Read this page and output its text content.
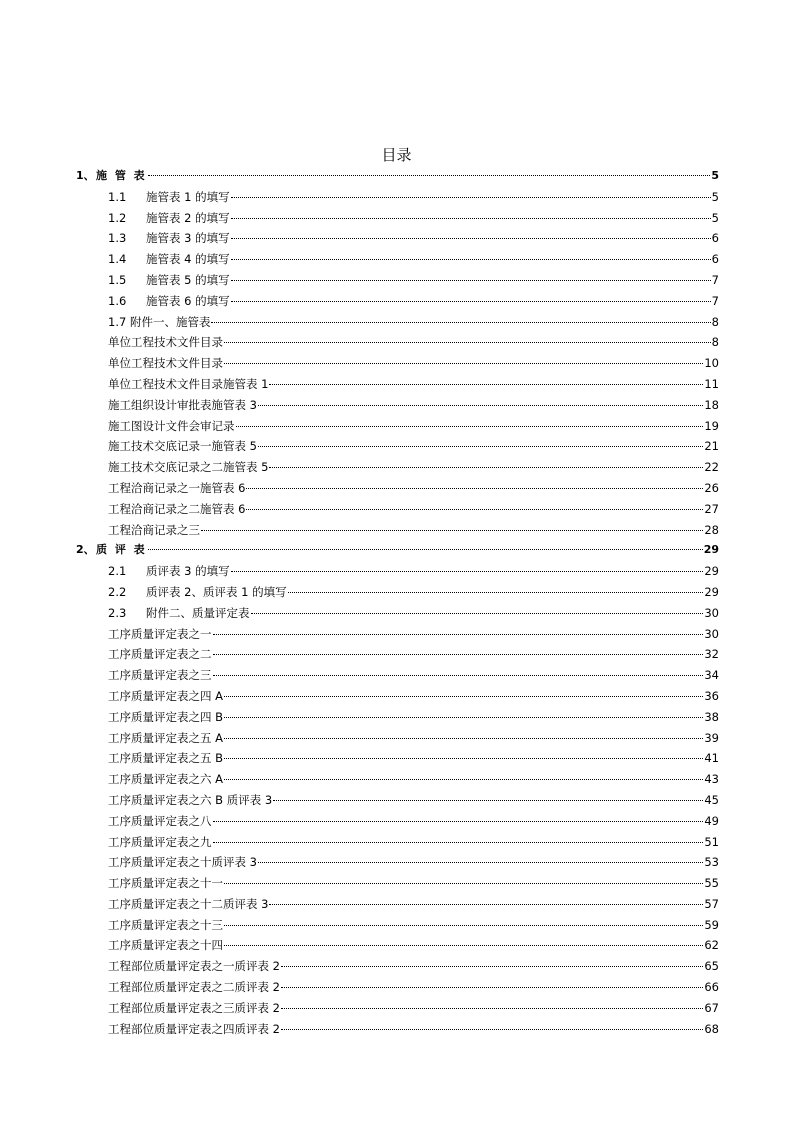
目录
1、 施 管 表	5
1.1	施管表 1 的填写	5
1.2	施管表 2 的填写	5
1.3	施管表 3 的填写	6
1.4	施管表 4 的填写	6
1.5	施管表 5 的填写	7
1.6	施管表 6 的填写	7
1.7 附件一、施管表	8
单位工程技术文件目录	8
单位工程技术文件目录	10
单位工程技术文件目录施管表 1	11
施工组织设计审批表施管表 3	18
施工图设计文件会审记录	19
施工技术交底记录一施管表 5	21
施工技术交底记录之二施管表 5	22
工程洽商记录之一施管表 6	26
工程洽商记录之二施管表 6	27
工程洽商记录之三	28
2、 质 评 表	29
2.1	质评表 3 的填写	29
2.2	质评表 2、质评表 1 的填写	29
2.3	附件二、质量评定表	30
工序质量评定表之一	30
工序质量评定表之二	32
工序质量评定表之三	34
工序质量评定表之四 A	36
工序质量评定表之四 B	38
工序质量评定表之五 A	39
工序质量评定表之五 B	41
工序质量评定表之六 A	43
工序质量评定表之六 B 质评表 3	45
工序质量评定表之八	49
工序质量评定表之九	51
工序质量评定表之十质评表 3	53
工序质量评定表之十一	55
工序质量评定表之十二质评表 3	57
工序质量评定表之十三	59
工序质量评定表之十四	62
工程部位质量评定表之一质评表 2	65
工程部位质量评定表之二质评表 2	66
工程部位质量评定表之三质评表 2	67
工程部位质量评定表之四质评表 2	68
